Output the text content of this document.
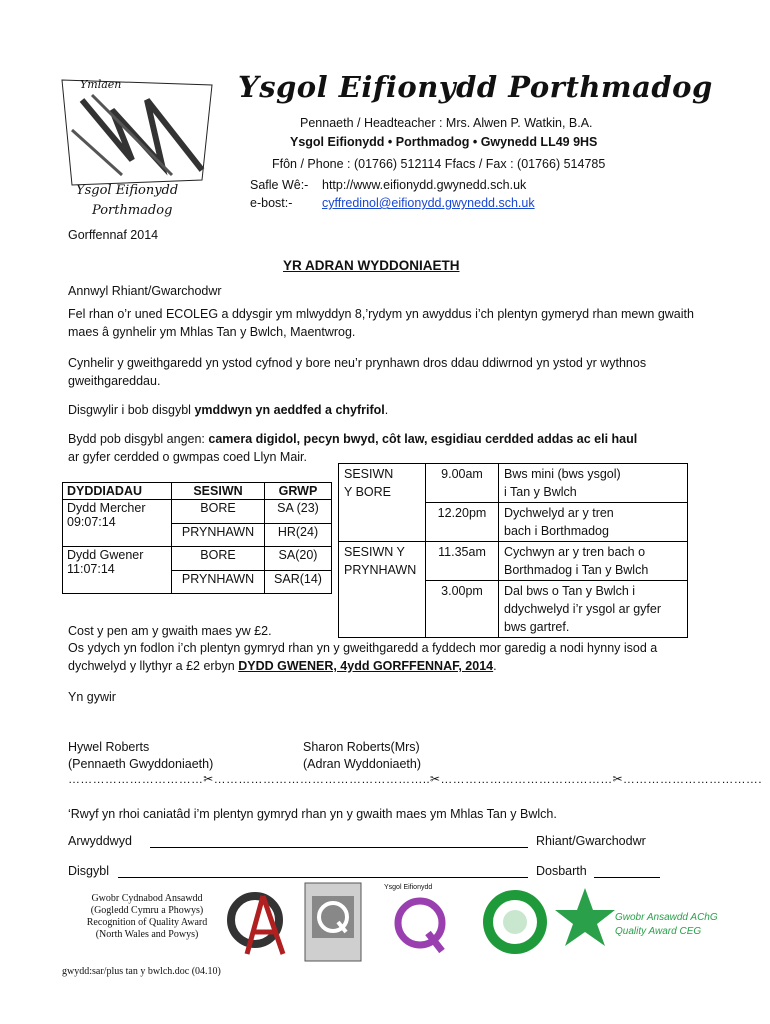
Ymlaen
Ysgol Eifionydd
Porthmadog
Ysgol Eifionydd Porthmadog
Pennaeth / Headteacher : Mrs. Alwen P. Watkin, B.A.
Ysgol Eifionydd • Porthmadog • Gwynedd LL49 9HS
Ffôn / Phone : (01766) 512114 Ffacs / Fax : (01766) 514785
Safle Wê:- http://www.eifionydd.gwynedd.sch.uk
e-bost:- cyffredinol@eifionydd.gwynedd.sch.uk
Gorffennaf 2014
YR ADRAN WYDDONIAETH
Annwyl Rhiant/Gwarchodwr
Fel rhan o’r uned ECOLEG a ddysgir ym mlwyddyn 8,’rydym yn awyddus i’ch plentyn gymeryd rhan mewn gwaith maes â gynhelir ym Mhlas Tan y Bwlch, Maentwrog.
Cynhelir y gweithgaredd yn ystod cyfnod y bore neu’r prynhawn dros ddau ddiwrnod yn ystod yr wythnos gweithgareddau.
Disgwylir i bob disgybl ymddwyn yn aeddfed a chyfrifol.
Bydd pob disgybl angen: camera digidol, pecyn bwyd, côt law, esgidiau cerdded addas ac eli haul
ar gyfer cerdded o gwmpas coed Llyn Mair.
DYDDIADAU	SESIWN	GRWP
Dydd Mercher
09:07:14	BORE	SA (23)
	PRYNHAWN	HR(24)
Dydd Gwener
11:07:14	BORE	SA(20)
	PRYNHAWN	SAR(14)
SESIWN
Y BORE	9.00am	Bws mini (bws ysgol)
i Tan y Bwlch
	12.20pm	Dychwelyd ar y tren
bach i Borthmadog
SESIWN Y
PRYNHAWN	11.35am	Cychwyn ar y tren bach o
Borthmadog i Tan y Bwlch
	3.00pm	Dal bws o Tan y Bwlch i
ddychwelyd i’r ysgol ar gyfer
bws gartref.
Cost y pen am y gwaith maes yw £2.
Os ydych yn fodlon i’ch plentyn gymryd rhan yn y gweithgaredd a fyddech mor garedig a nodi hynny isod a dychwelyd y llythyr a £2 erbyn DYDD GWENER, 4ydd GORFFENNAF, 2014.
Yn gywir
Hywel Roberts
(Pennaeth Gwyddoniaeth)
Sharon Roberts(Mrs)
(Adran Wyddoniaeth)
……………………………✂……………………………………………..✂……………………………………✂…………………………….
‘Rwyf yn rhoi caniatâd i’m plentyn gymryd rhan yn y gwaith maes ym Mhlas Tan y Bwlch.
Arwyddwyd	Rhiant/Gwarchodwr
Disgybl	Dosbarth
Gwobr Cydnabod Ansawdd
(Gogledd Cymru a Phowys)
Recognition of Quality Award
(North Wales and Powys)
Ysgol Eifionydd
Gwobr Ansawdd AChG
Quality Award CEG
gwydd:sar/plus tan y bwlch.doc (04.10)
